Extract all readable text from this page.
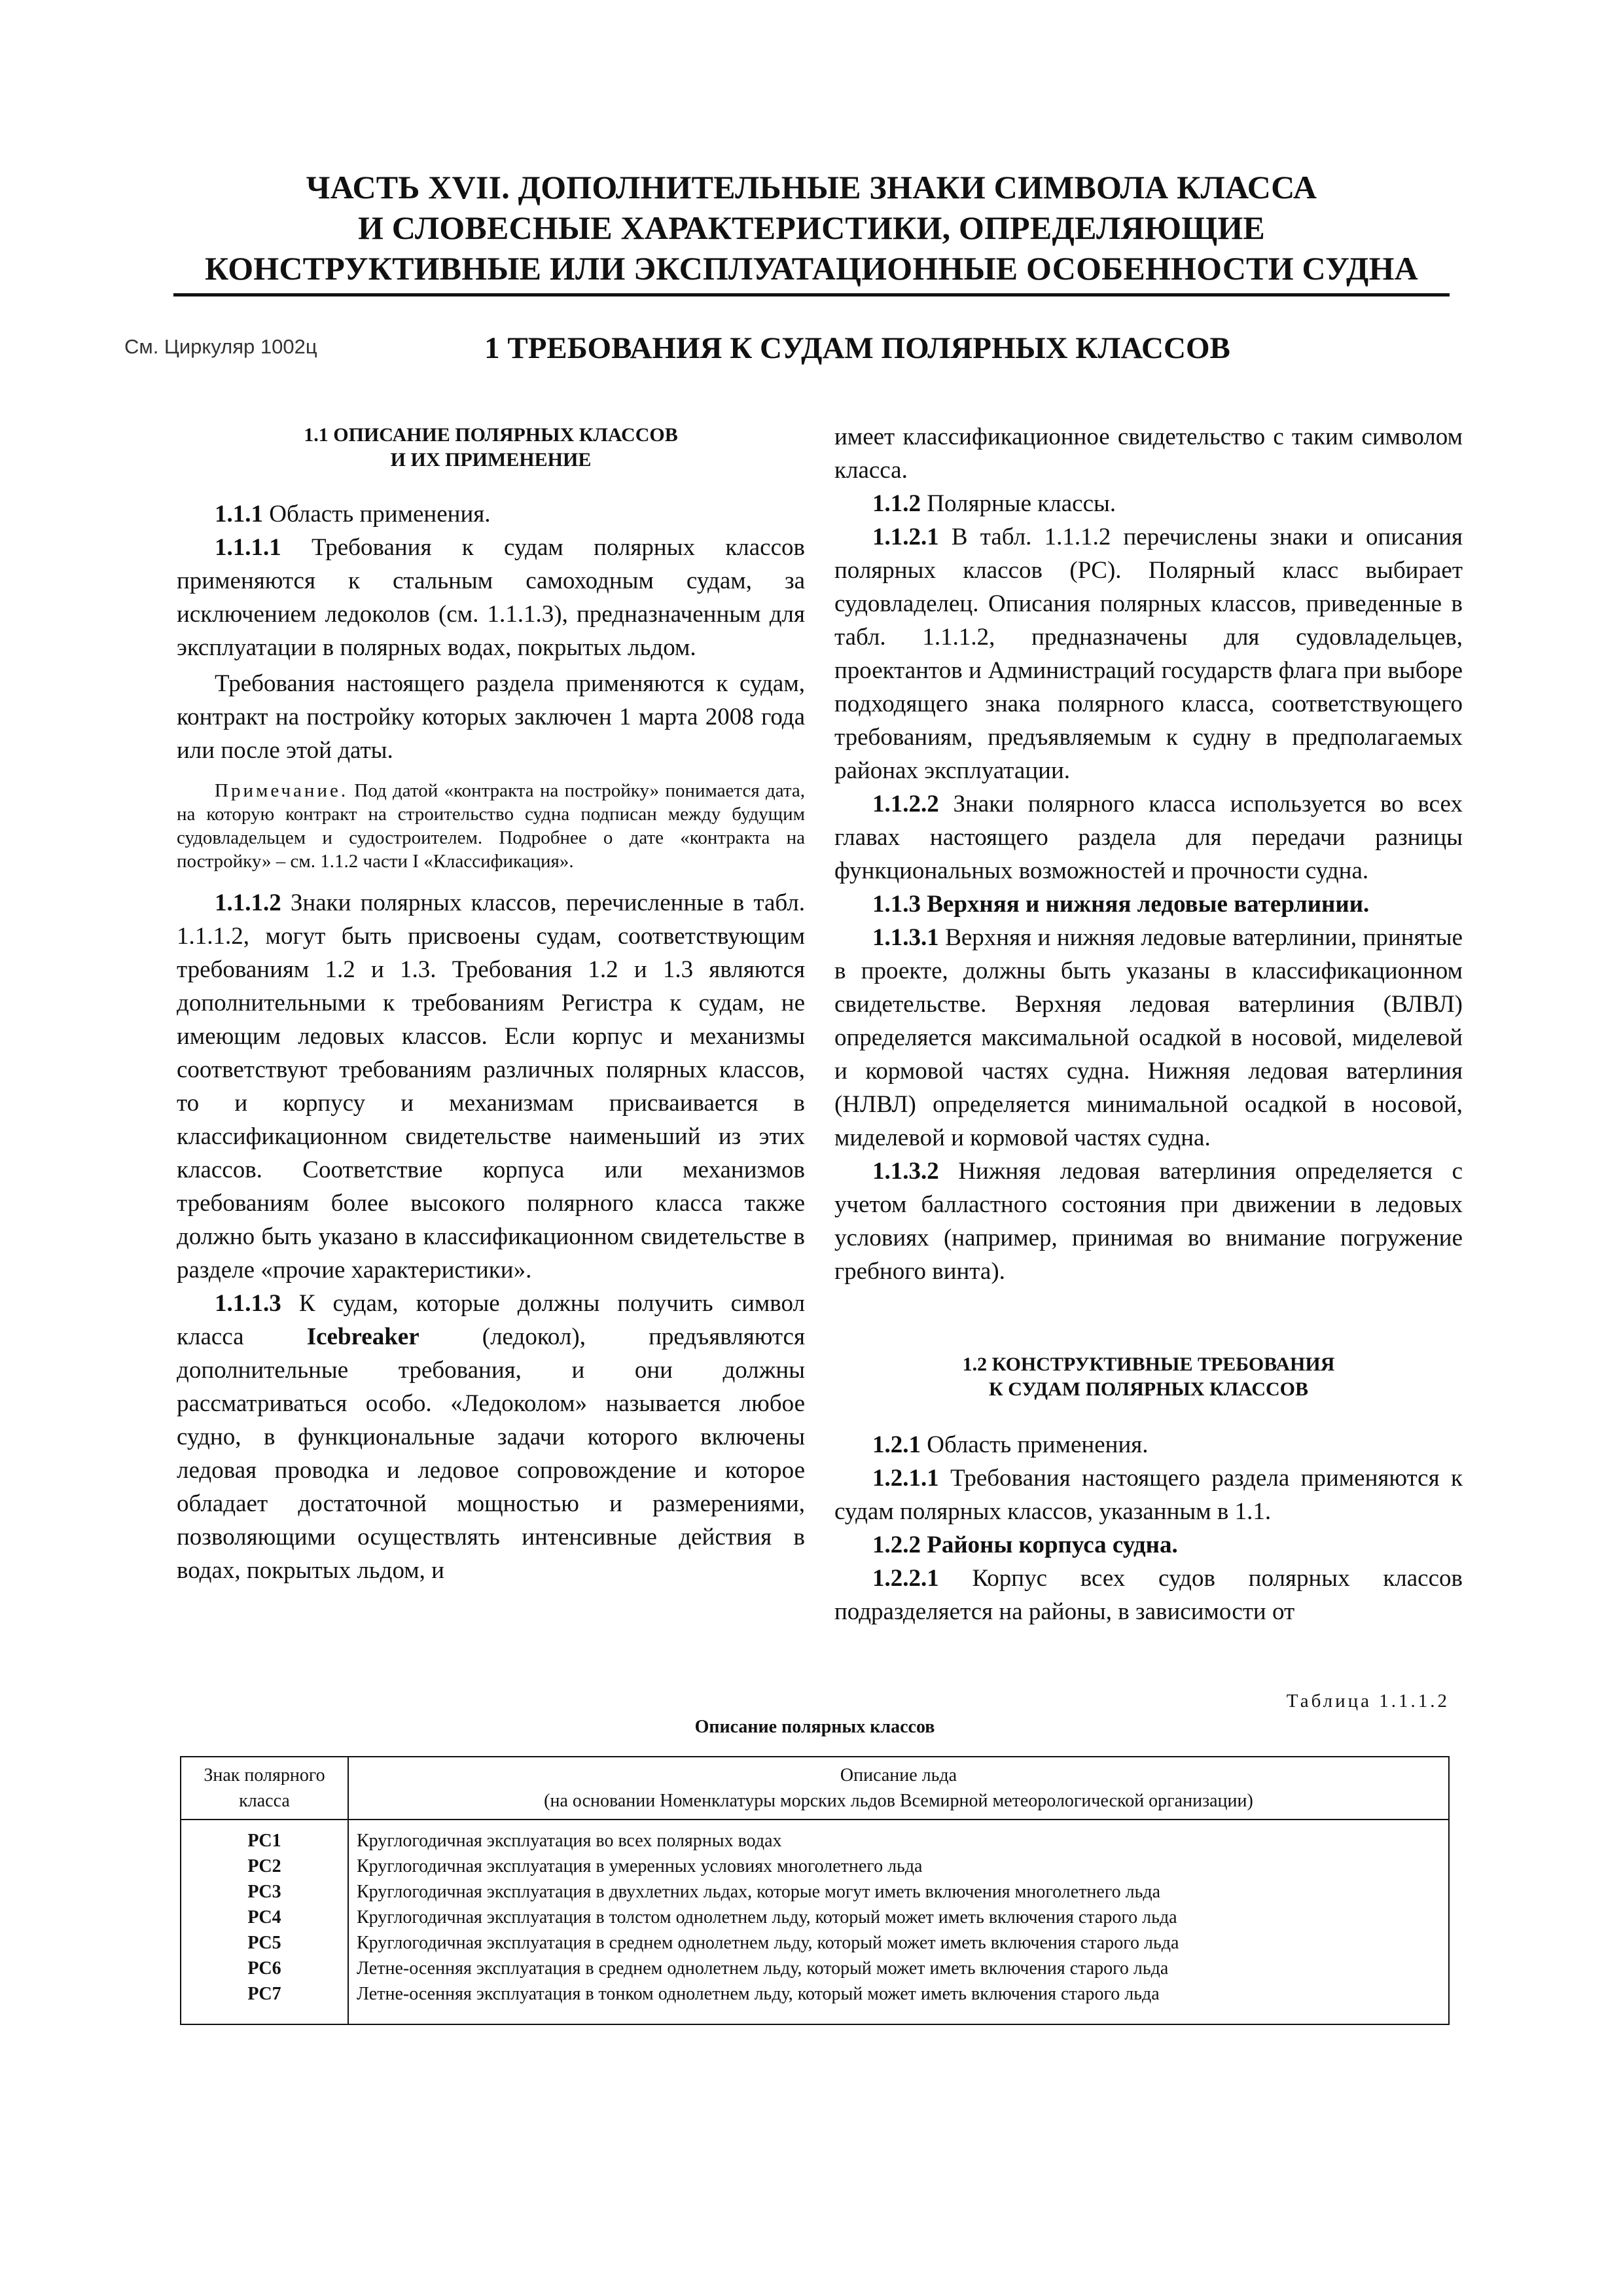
ЧАСТЬ XVII. ДОПОЛНИТЕЛЬНЫЕ ЗНАКИ СИМВОЛА КЛАССА
И СЛОВЕСНЫЕ ХАРАКТЕРИСТИКИ, ОПРЕДЕЛЯЮЩИЕ
КОНСТРУКТИВНЫЕ ИЛИ ЭКСПЛУАТАЦИОННЫЕ ОСОБЕННОСТИ СУДНА
См. Циркуляр 1002ц	1 ТРЕБОВАНИЯ К СУДАМ ПОЛЯРНЫХ КЛАССОВ

1.1 ОПИСАНИЕ ПОЛЯРНЫХ КЛАССОВ
И ИХ ПРИМЕНЕНИЕ

1.1.1 Область применения.

1.1.1.1 Требования к судам полярных классов применяются к стальным самоходным судам, за исключением ледоколов (см. 1.1.1.3), предназначенным для эксплуатации в полярных водах, покрытых льдом.

Требования настоящего раздела применяются к судам, контракт на постройку которых заключен 1 марта 2008 года или после этой даты.

Примечание. Под датой «контракта на постройку» понимается дата, на которую контракт на строительство судна подписан между будущим судовладельцем и судостроителем. Подробнее о дате «контракта на постройку» – см. 1.1.2 части I «Классификация».

1.1.1.2 Знаки полярных классов, перечисленные в табл. 1.1.1.2, могут быть присвоены судам, соответствующим требованиям 1.2 и 1.3. Требования 1.2 и 1.3 являются дополнительными к требованиям Регистра к судам, не имеющим ледовых классов. Если корпус и механизмы соответствуют требованиям различных полярных классов, то и корпусу и механизмам присваивается в классификационном свидетельстве наименьший из этих классов. Соответствие корпуса или механизмов требованиям более высокого полярного класса также должно быть указано в классификационном свидетельстве в разделе «прочие характеристики».

1.1.1.3 К судам, которые должны получить символ класса Icebreaker (ледокол), предъявляются дополнительные требования, и они должны рассматриваться особо. «Ледоколом» называется любое судно, в функциональные задачи которого включены ледовая проводка и ледовое сопровождение и которое обладает достаточной мощностью и размерениями, позволяющими осуществлять интенсивные действия в водах, покрытых льдом, и

имеет классификационное свидетельство с таким символом класса.

1.1.2 Полярные классы.

1.1.2.1 В табл. 1.1.1.2 перечислены знаки и описания полярных классов (PC). Полярный класс выбирает судовладелец. Описания полярных классов, приведенные в табл. 1.1.1.2, предназначены для судовладельцев, проектантов и Администраций государств флага при выборе подходящего знака полярного класса, соответствующего требованиям, предъявляемым к судну в предполагаемых районах эксплуатации.

1.1.2.2 Знаки полярного класса используется во всех главах настоящего раздела для передачи разницы функциональных возможностей и прочности судна.

1.1.3 Верхняя и нижняя ледовые ватерлинии.

1.1.3.1 Верхняя и нижняя ледовые ватерлинии, принятые в проекте, должны быть указаны в классификационном свидетельстве. Верхняя ледовая ватерлиния (ВЛВЛ) определяется максимальной осадкой в носовой, миделевой и кормовой частях судна. Нижняя ледовая ватерлиния (НЛВЛ) определяется минимальной осадкой в носовой, миделевой и кормовой частях судна.

1.1.3.2 Нижняя ледовая ватерлиния определяется с учетом балластного состояния при движении в ледовых условиях (например, принимая во внимание погружение гребного винта).

1.2 КОНСТРУКТИВНЫЕ ТРЕБОВАНИЯ
К СУДАМ ПОЛЯРНЫХ КЛАССОВ

1.2.1 Область применения.

1.2.1.1 Требования настоящего раздела применяются к судам полярных классов, указанным в 1.1.

1.2.2 Районы корпуса судна.

1.2.2.1 Корпус всех судов полярных классов подразделяется на районы, в зависимости от

Таблица 1.1.1.2
Описание полярных классов
Знак полярного
класса	Описание льда
(на основании Номенклатуры морских льдов Всемирной метеорологической организации)
PC1	Круглогодичная эксплуатация во всех полярных водах
PC2	Круглогодичная эксплуатация в умеренных условиях многолетнего льда
PC3	Круглогодичная эксплуатация в двухлетних льдах, которые могут иметь включения многолетнего льда
PC4	Круглогодичная эксплуатация в толстом однолетнем льду, который может иметь включения старого льда
PC5	Круглогодичная эксплуатация в среднем однолетнем льду, который может иметь включения старого льда
PC6	Летне-осенняя эксплуатация в среднем однолетнем льду, который может иметь включения старого льда
PC7	Летне-осенняя эксплуатация в тонком однолетнем льду, который может иметь включения старого льда
